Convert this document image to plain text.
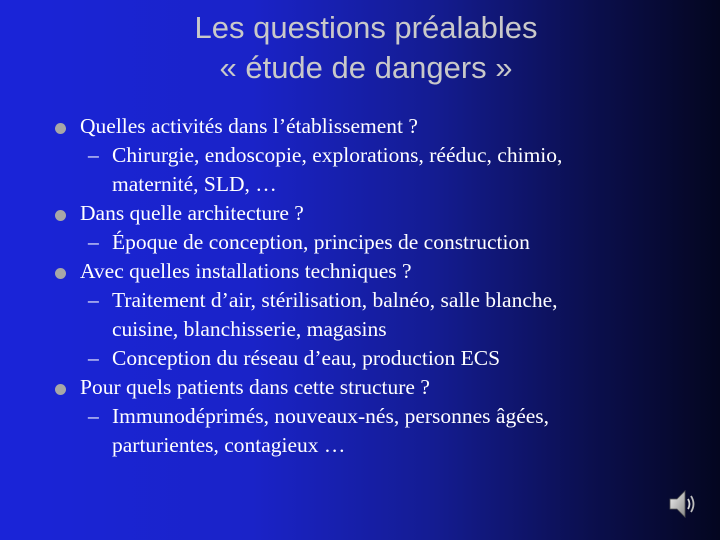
Les questions préalables
« étude de dangers »
Quelles activités dans l’établissement ?
– Chirurgie, endoscopie, explorations, rééduc, chimio,
maternité, SLD, …
Dans quelle architecture ?
– Époque de conception, principes de construction
Avec quelles installations techniques ?
– Traitement d’air, stérilisation, balnéo, salle blanche,
cuisine, blanchisserie, magasins
– Conception du réseau d’eau, production ECS
Pour quels patients dans cette structure ?
– Immunodéprimés, nouveaux-nés, personnes âgées,
parturientes, contagieux …
